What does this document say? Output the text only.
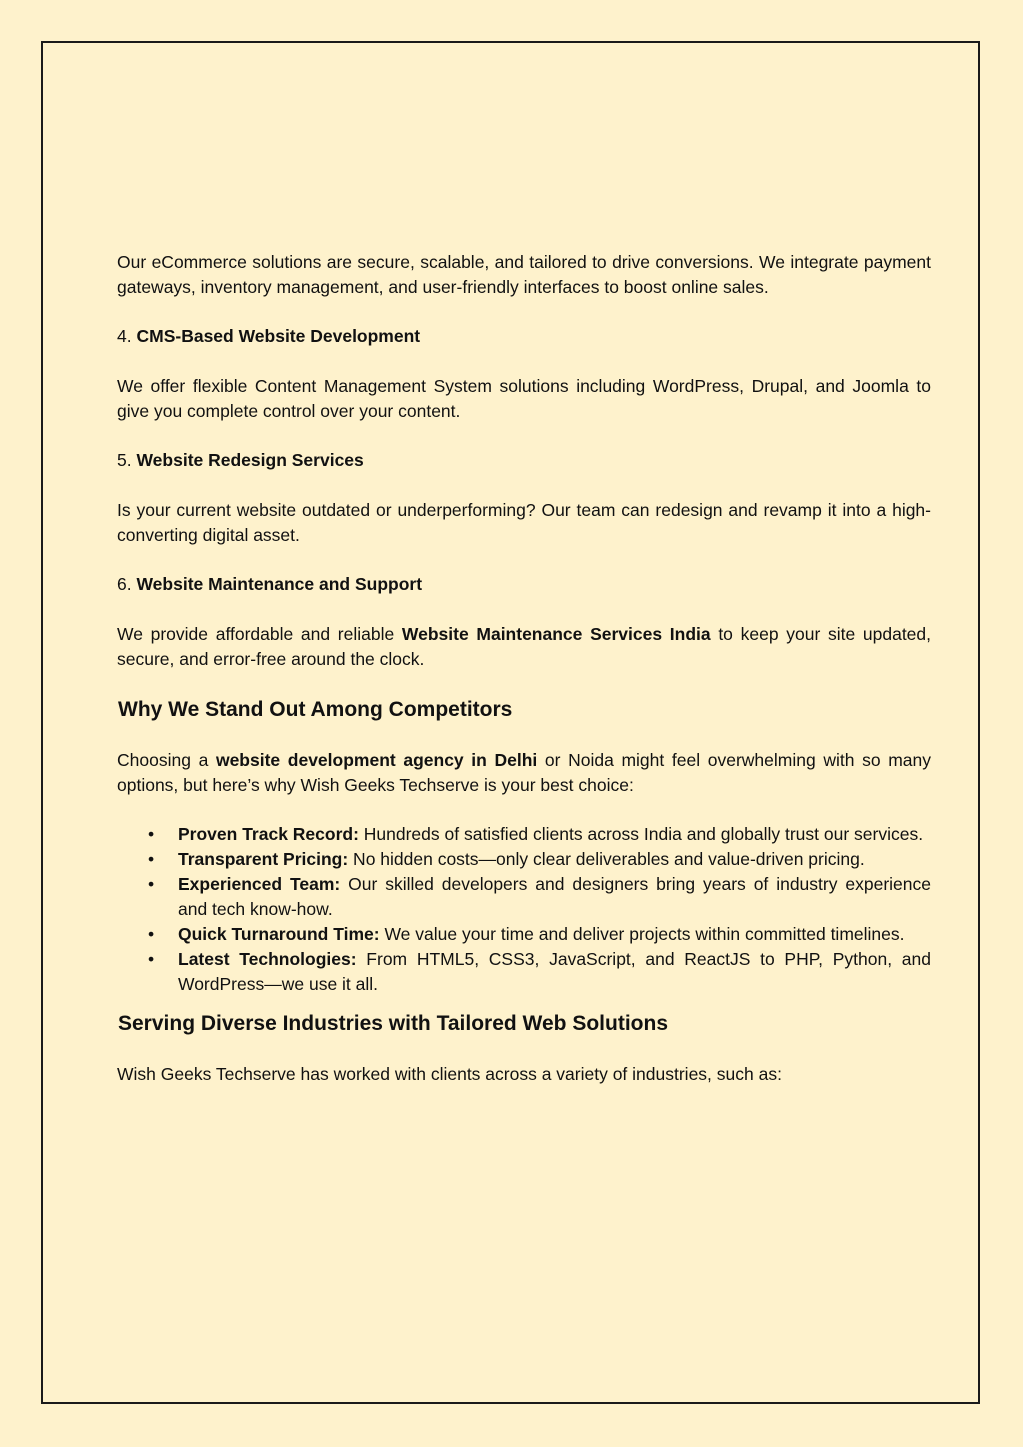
Our eCommerce solutions are secure, scalable, and tailored to drive conversions. We integrate payment gateways, inventory management, and user-friendly interfaces to boost online sales.

4. CMS-Based Website Development

We offer flexible Content Management System solutions including WordPress, Drupal, and Joomla to give you complete control over your content.

5. Website Redesign Services

Is your current website outdated or underperforming? Our team can redesign and revamp it into a high-converting digital asset.

6. Website Maintenance and Support

We provide affordable and reliable Website Maintenance Services India to keep your site updated, secure, and error-free around the clock.

Why We Stand Out Among Competitors

Choosing a website development agency in Delhi or Noida might feel overwhelming with so many options, but here’s why Wish Geeks Techserve is your best choice:

• Proven Track Record: Hundreds of satisfied clients across India and globally trust our services.
• Transparent Pricing: No hidden costs—only clear deliverables and value-driven pricing.
• Experienced Team: Our skilled developers and designers bring years of industry experience and tech know-how.
• Quick Turnaround Time: We value your time and deliver projects within committed timelines.
• Latest Technologies: From HTML5, CSS3, JavaScript, and ReactJS to PHP, Python, and WordPress—we use it all.
Serving Diverse Industries with Tailored Web Solutions

Wish Geeks Techserve has worked with clients across a variety of industries, such as:
